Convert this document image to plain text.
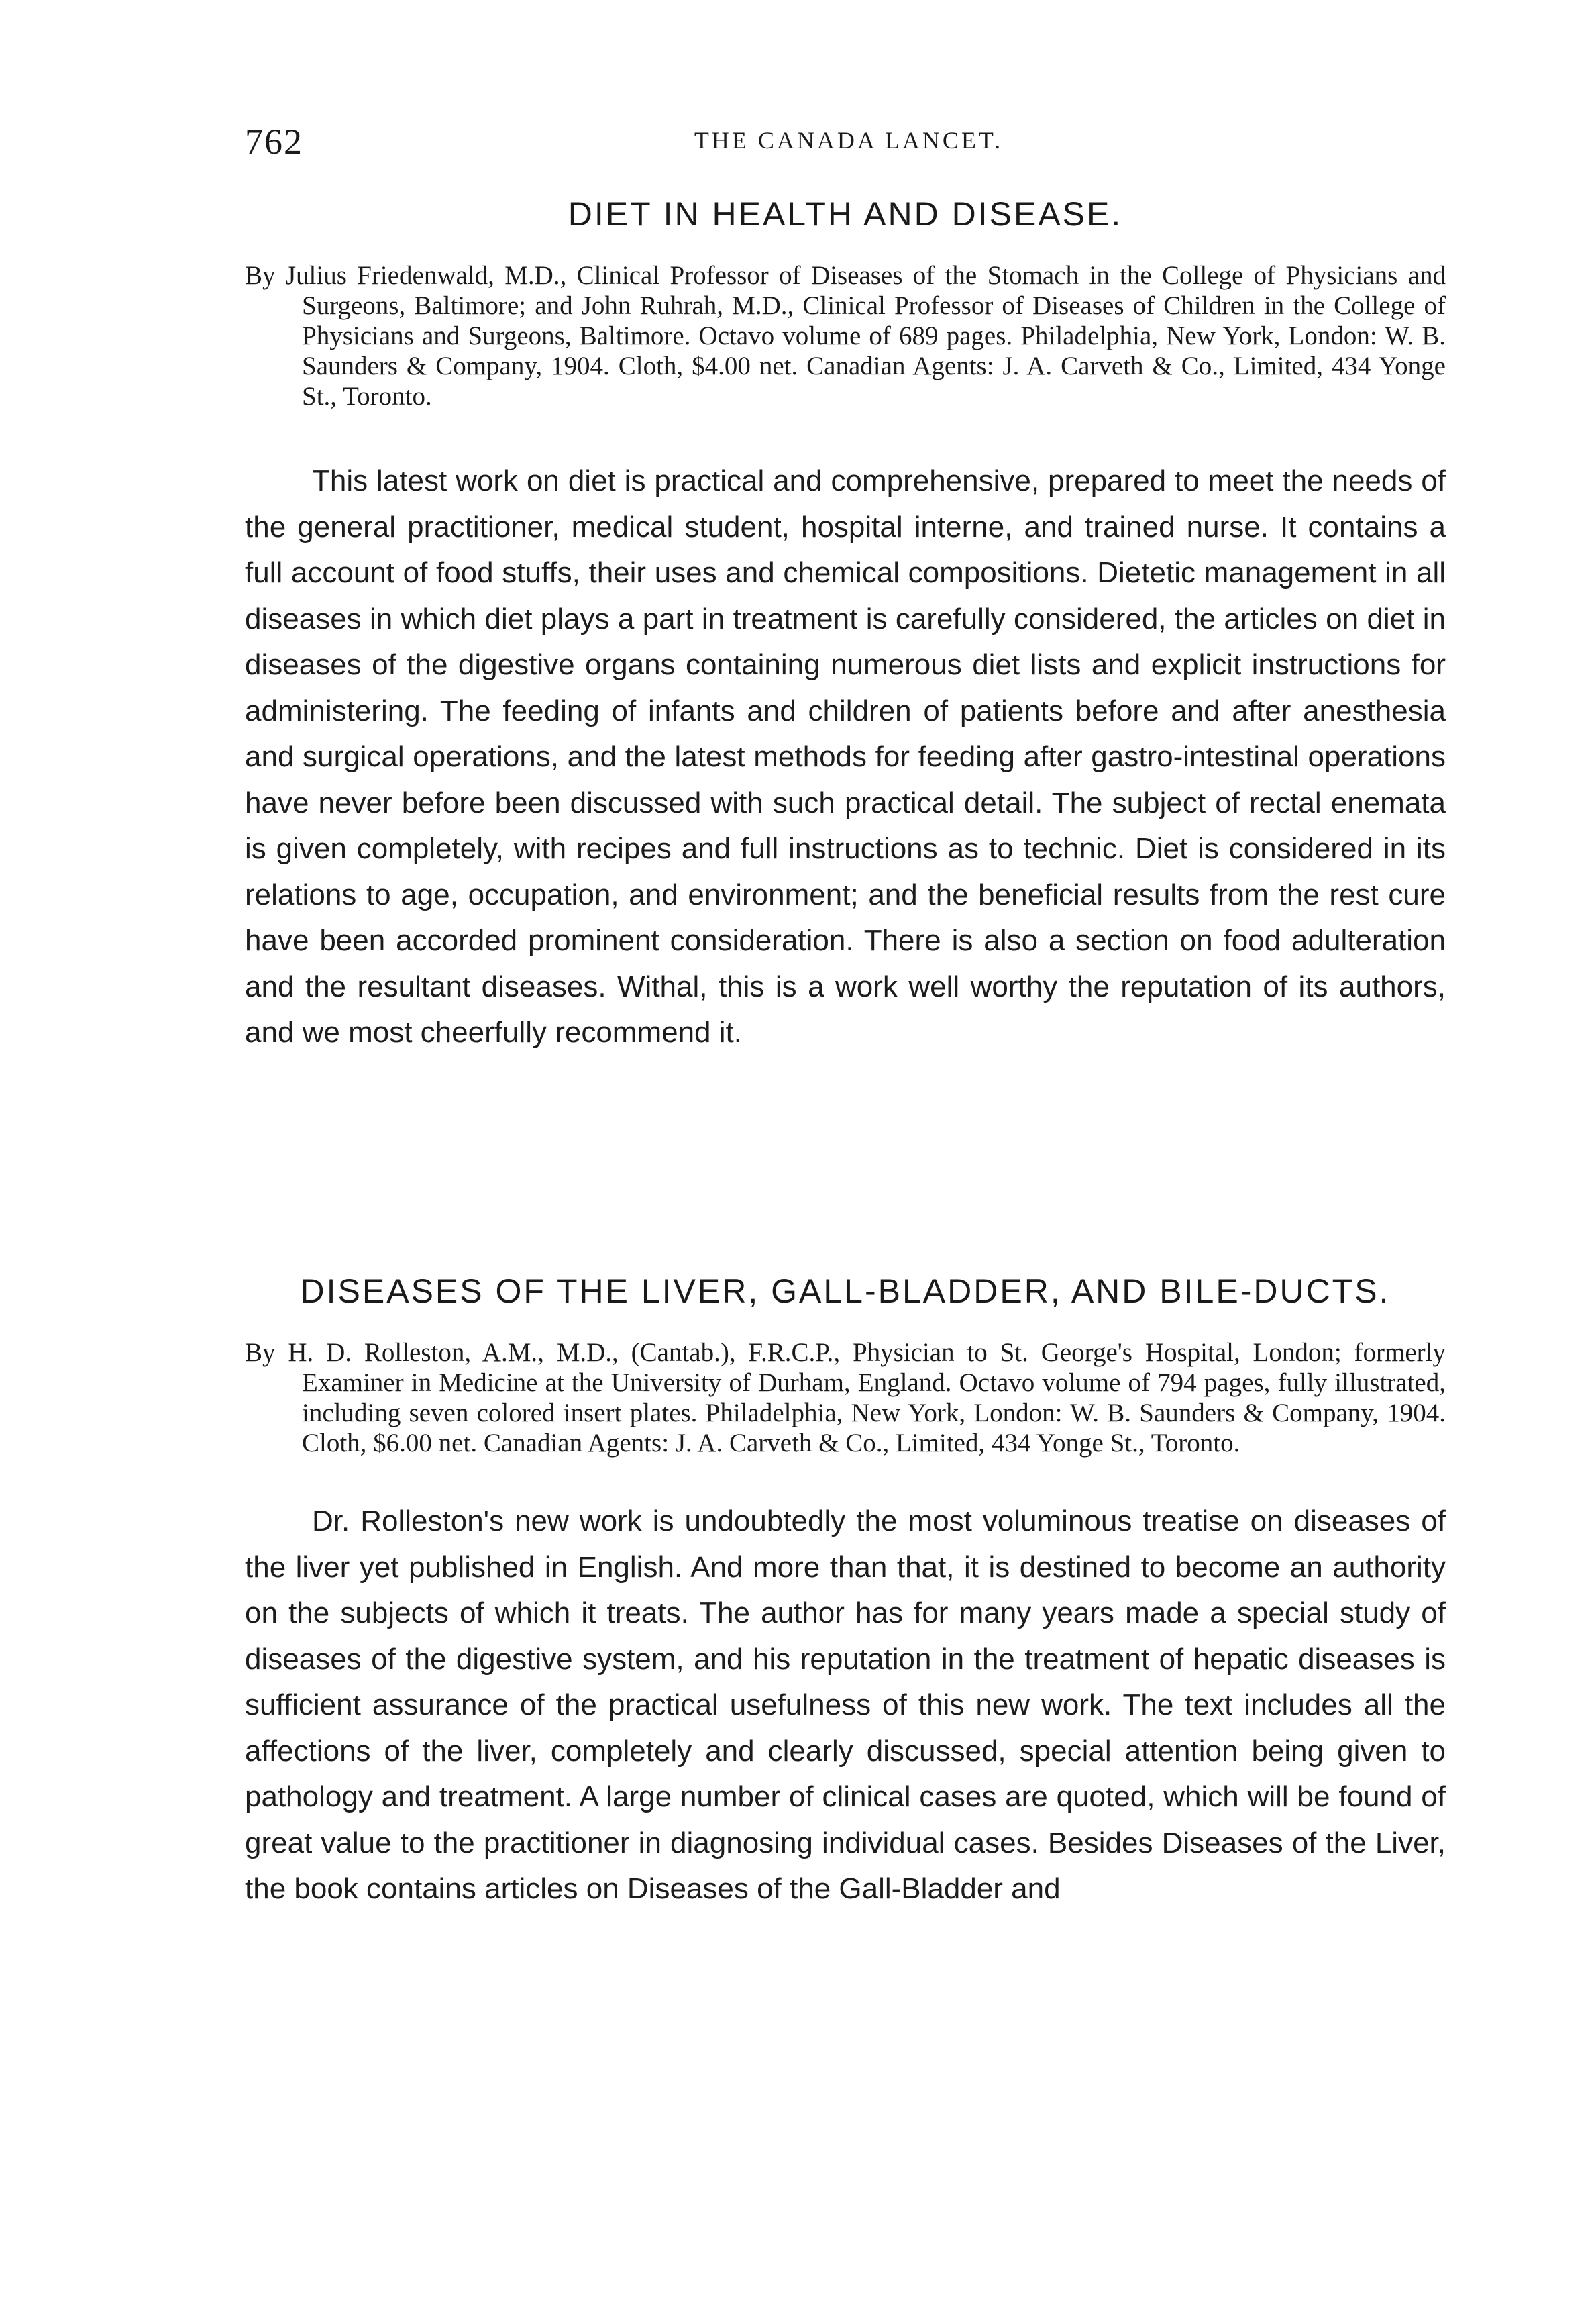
762	THE CANADA LANCET.
DIET IN HEALTH AND DISEASE.

By Julius Friedenwald, M.D., Clinical Professor of Diseases of the Stomach in the College of Physicians and Surgeons, Baltimore; and John Ruhrah, M.D., Clinical Professor of Diseases of Children in the College of Physicians and Surgeons, Baltimore. Octavo volume of 689 pages. Philadelphia, New York, London: W. B. Saunders & Company, 1904. Cloth, $4.00 net. Canadian Agents: J. A. Carveth & Co., Limited, 434 Yonge St., Toronto.

This latest work on diet is practical and comprehensive, prepared to meet the needs of the general practitioner, medical student, hospital interne, and trained nurse. It contains a full account of food stuffs, their uses and chemical compositions. Dietetic management in all diseases in which diet plays a part in treatment is carefully considered, the articles on diet in diseases of the digestive organs containing numerous diet lists and explicit instructions for administering. The feeding of infants and children of patients before and after anesthesia and surgical operations, and the latest methods for feeding after gastro-intestinal operations have never before been discussed with such practical detail. The subject of rectal enemata is given completely, with recipes and full instructions as to technic. Diet is considered in its relations to age, occupation, and environment; and the beneficial results from the rest cure have been accorded prominent consideration. There is also a section on food adulteration and the resultant diseases. Withal, this is a work well worthy the reputation of its authors, and we most cheerfully recommend it.

DISEASES OF THE LIVER, GALL-BLADDER, AND BILE-DUCTS.

By H. D. Rolleston, A.M., M.D., (Cantab.), F.R.C.P., Physician to St. George's Hospital, London; formerly Examiner in Medicine at the University of Durham, England. Octavo volume of 794 pages, fully illustrated, including seven colored insert plates. Philadelphia, New York, London: W. B. Saunders & Company, 1904. Cloth, $6.00 net. Canadian Agents: J. A. Carveth & Co., Limited, 434 Yonge St., Toronto.

Dr. Rolleston's new work is undoubtedly the most voluminous treatise on diseases of the liver yet published in English. And more than that, it is destined to become an authority on the subjects of which it treats. The author has for many years made a special study of diseases of the digestive system, and his reputation in the treatment of hepatic diseases is sufficient assurance of the practical usefulness of this new work. The text includes all the affections of the liver, completely and clearly discussed, special attention being given to pathology and treatment. A large number of clinical cases are quoted, which will be found of great value to the practitioner in diagnosing individual cases. Besides Diseases of the Liver, the book contains articles on Diseases of the Gall-Bladder and
